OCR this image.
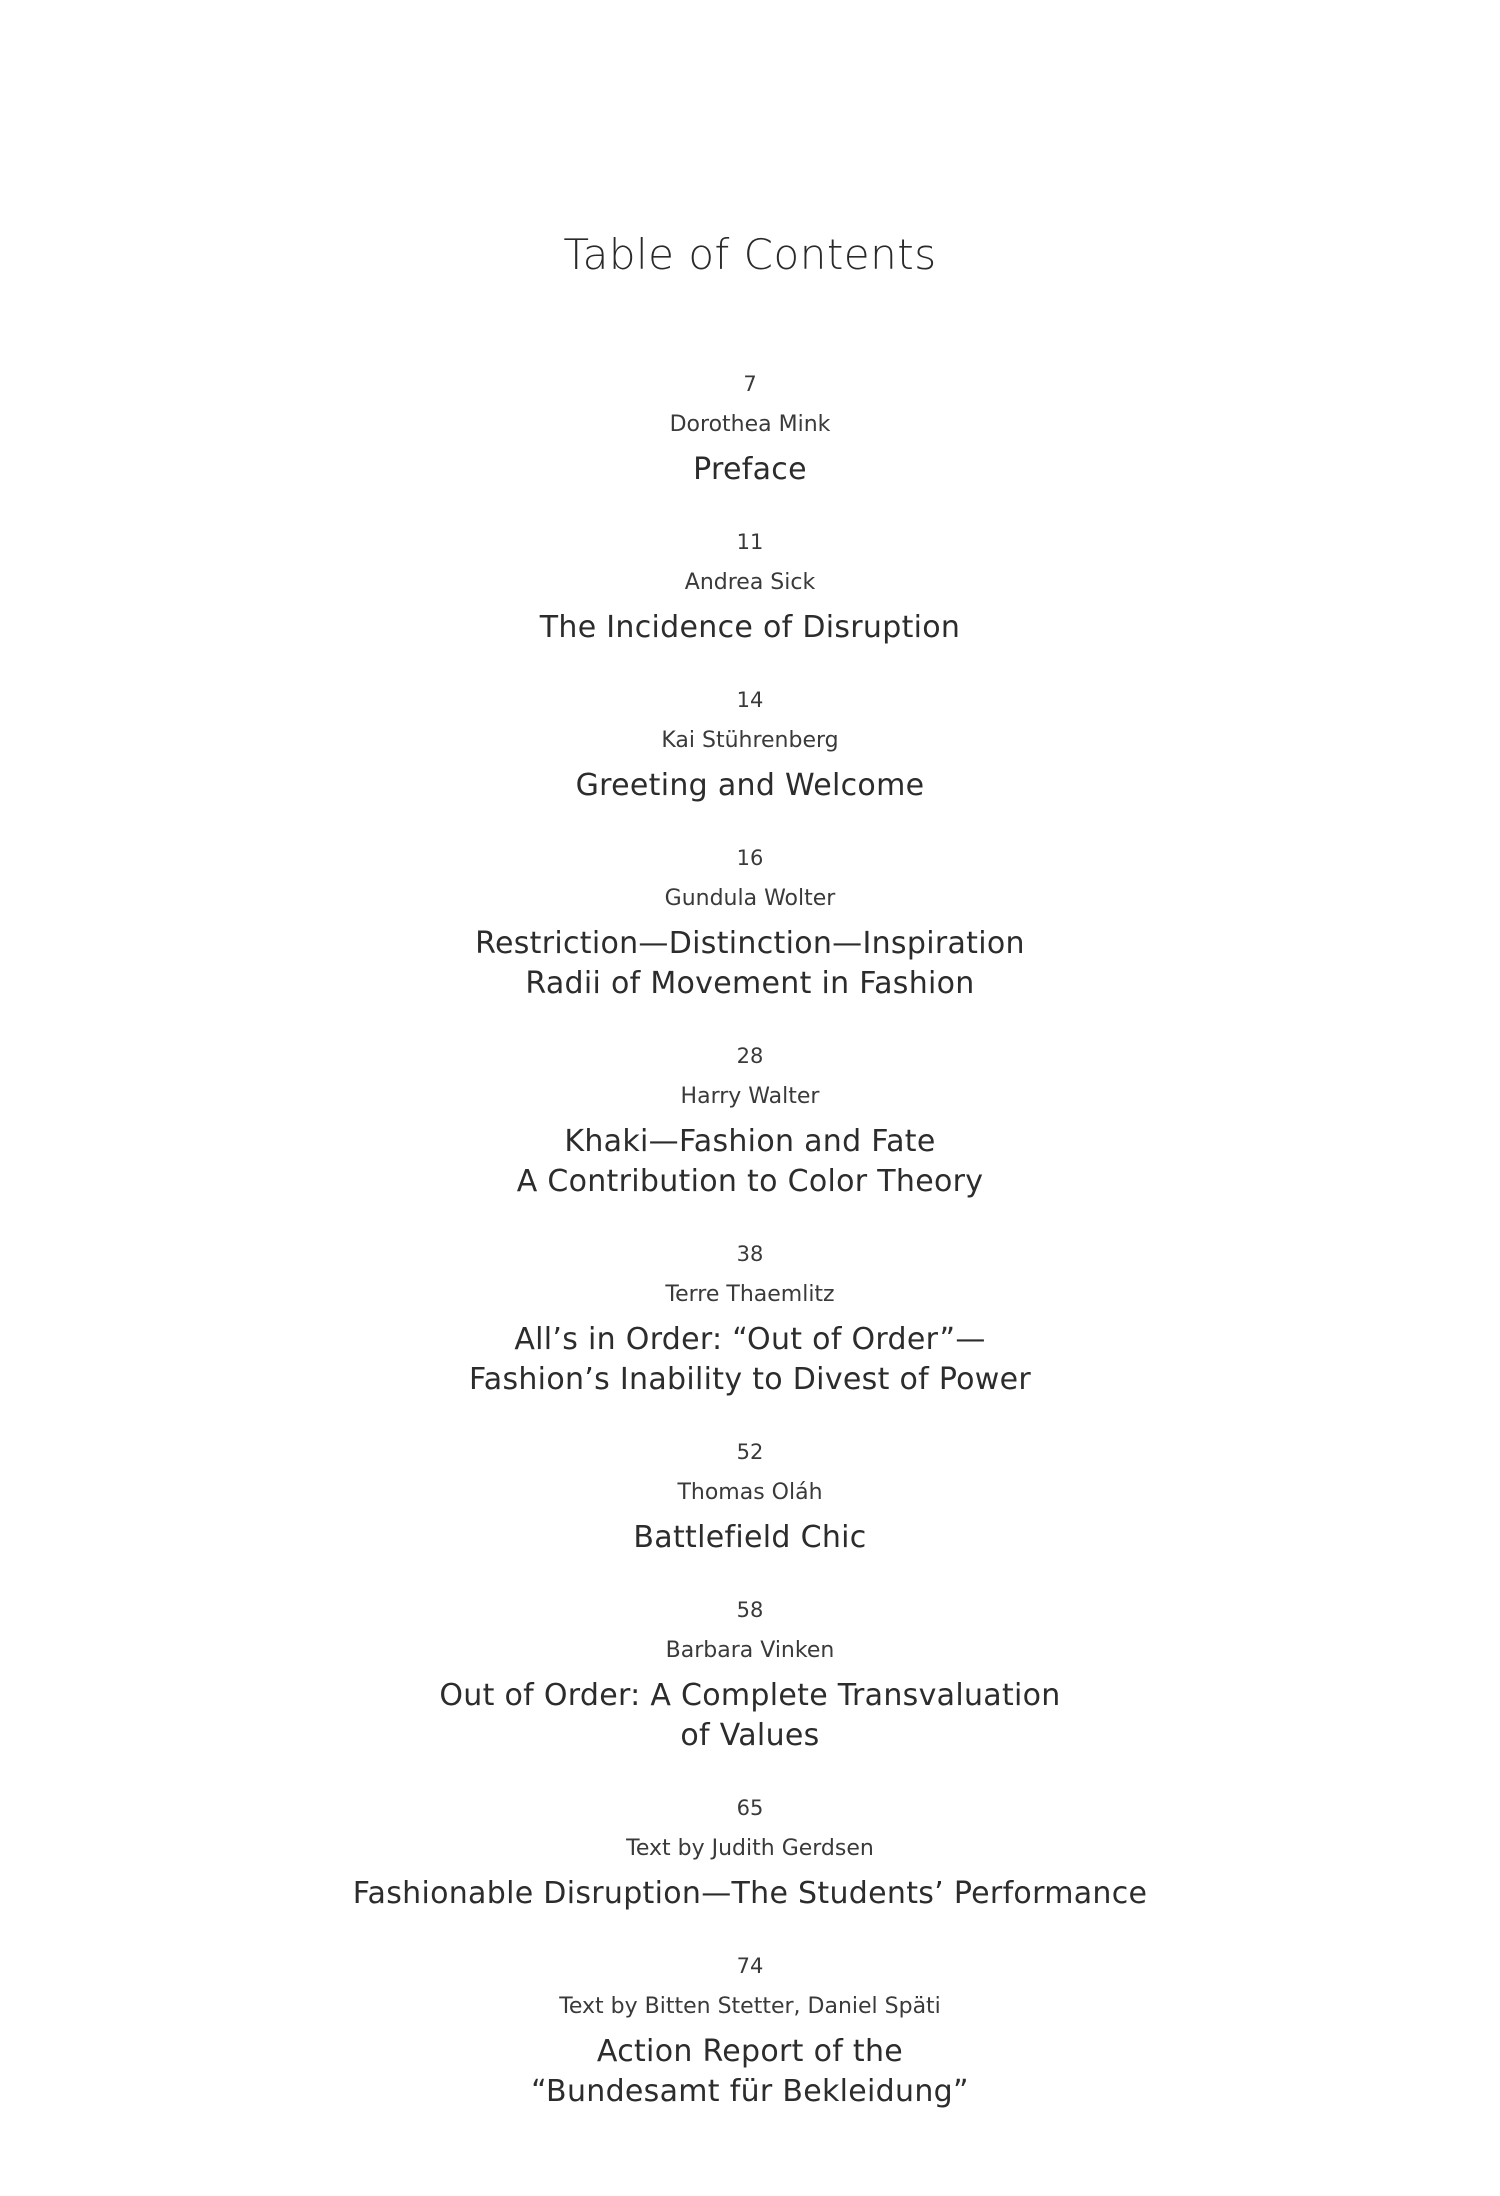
Table of Contents
7
Dorothea Mink
Preface
11
Andrea Sick
The Incidence of Disruption
14
Kai Stührenberg
Greeting and Welcome
16
Gundula Wolter
Restriction—Distinction—Inspiration
Radii of Movement in Fashion
28
Harry Walter
Khaki—Fashion and Fate
A Contribution to Color Theory
38
Terre Thaemlitz
All’s in Order: “Out of Order”—
Fashion’s Inability to Divest of Power
52
Thomas Oláh
Battlefield Chic
58
Barbara Vinken
Out of Order: A Complete Transvaluation
of Values
65
Text by Judith Gerdsen
Fashionable Disruption—The Students’ Performance
74
Text by Bitten Stetter, Daniel Späti
Action Report of the
“Bundesamt für Bekleidung”
